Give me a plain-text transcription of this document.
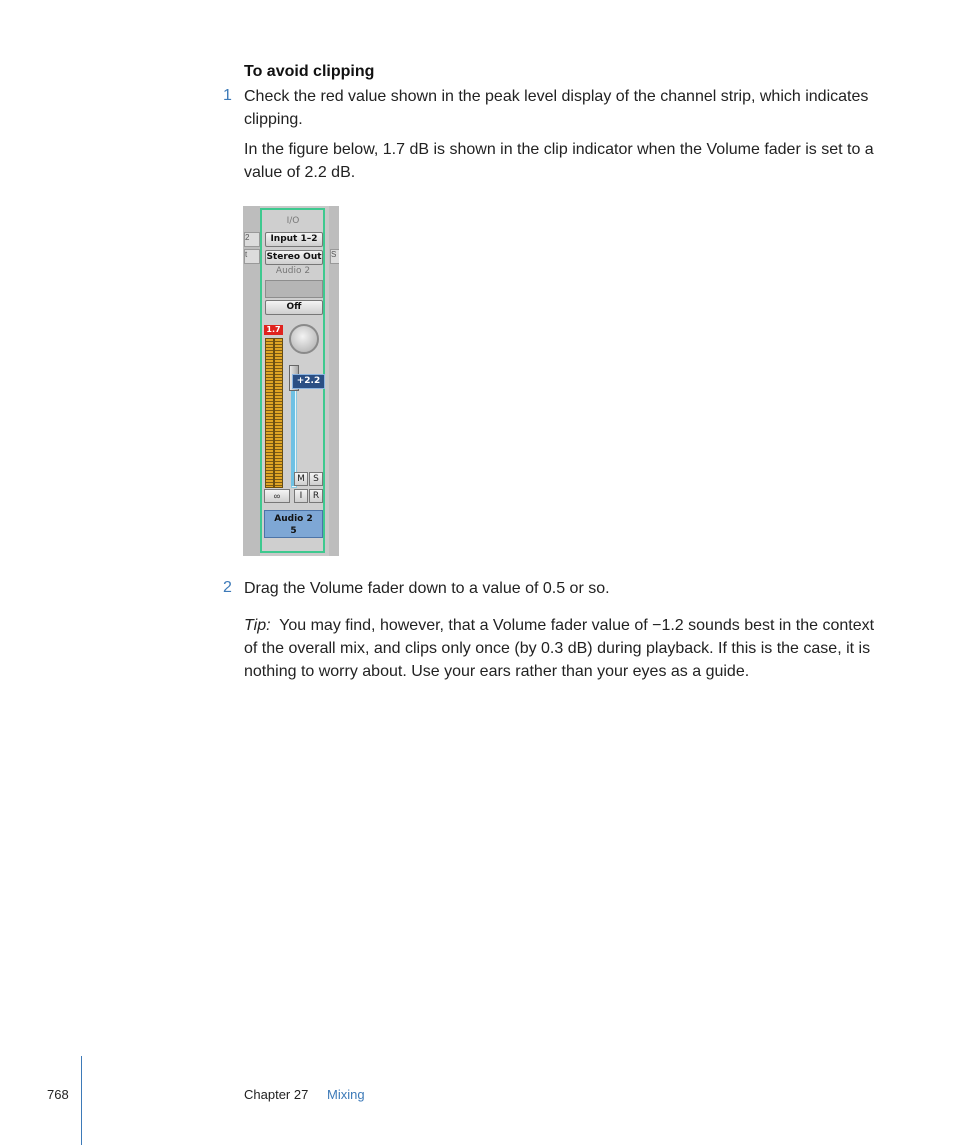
To avoid clipping
1 Check the red value shown in the peak level display of the channel strip, which indicates clipping.
In the figure below, 1.7 dB is shown in the clip indicator when the Volume fader is set to a value of 2.2 dB.
2
t	S
I/O
Input 1–2
Stereo Out
Audio 2
Off
1.7
+2.2
M S
∞	I	R
Audio 2
5
2 Drag the Volume fader down to a value of 0.5 or so.
Tip: You may find, however, that a Volume fader value of −1.2 sounds best in the context of the overall mix, and clips only once (by 0.3 dB) during playback. If this is the case, it is nothing to worry about. Use your ears rather than your eyes as a guide.
768	Chapter 27 Mixing
